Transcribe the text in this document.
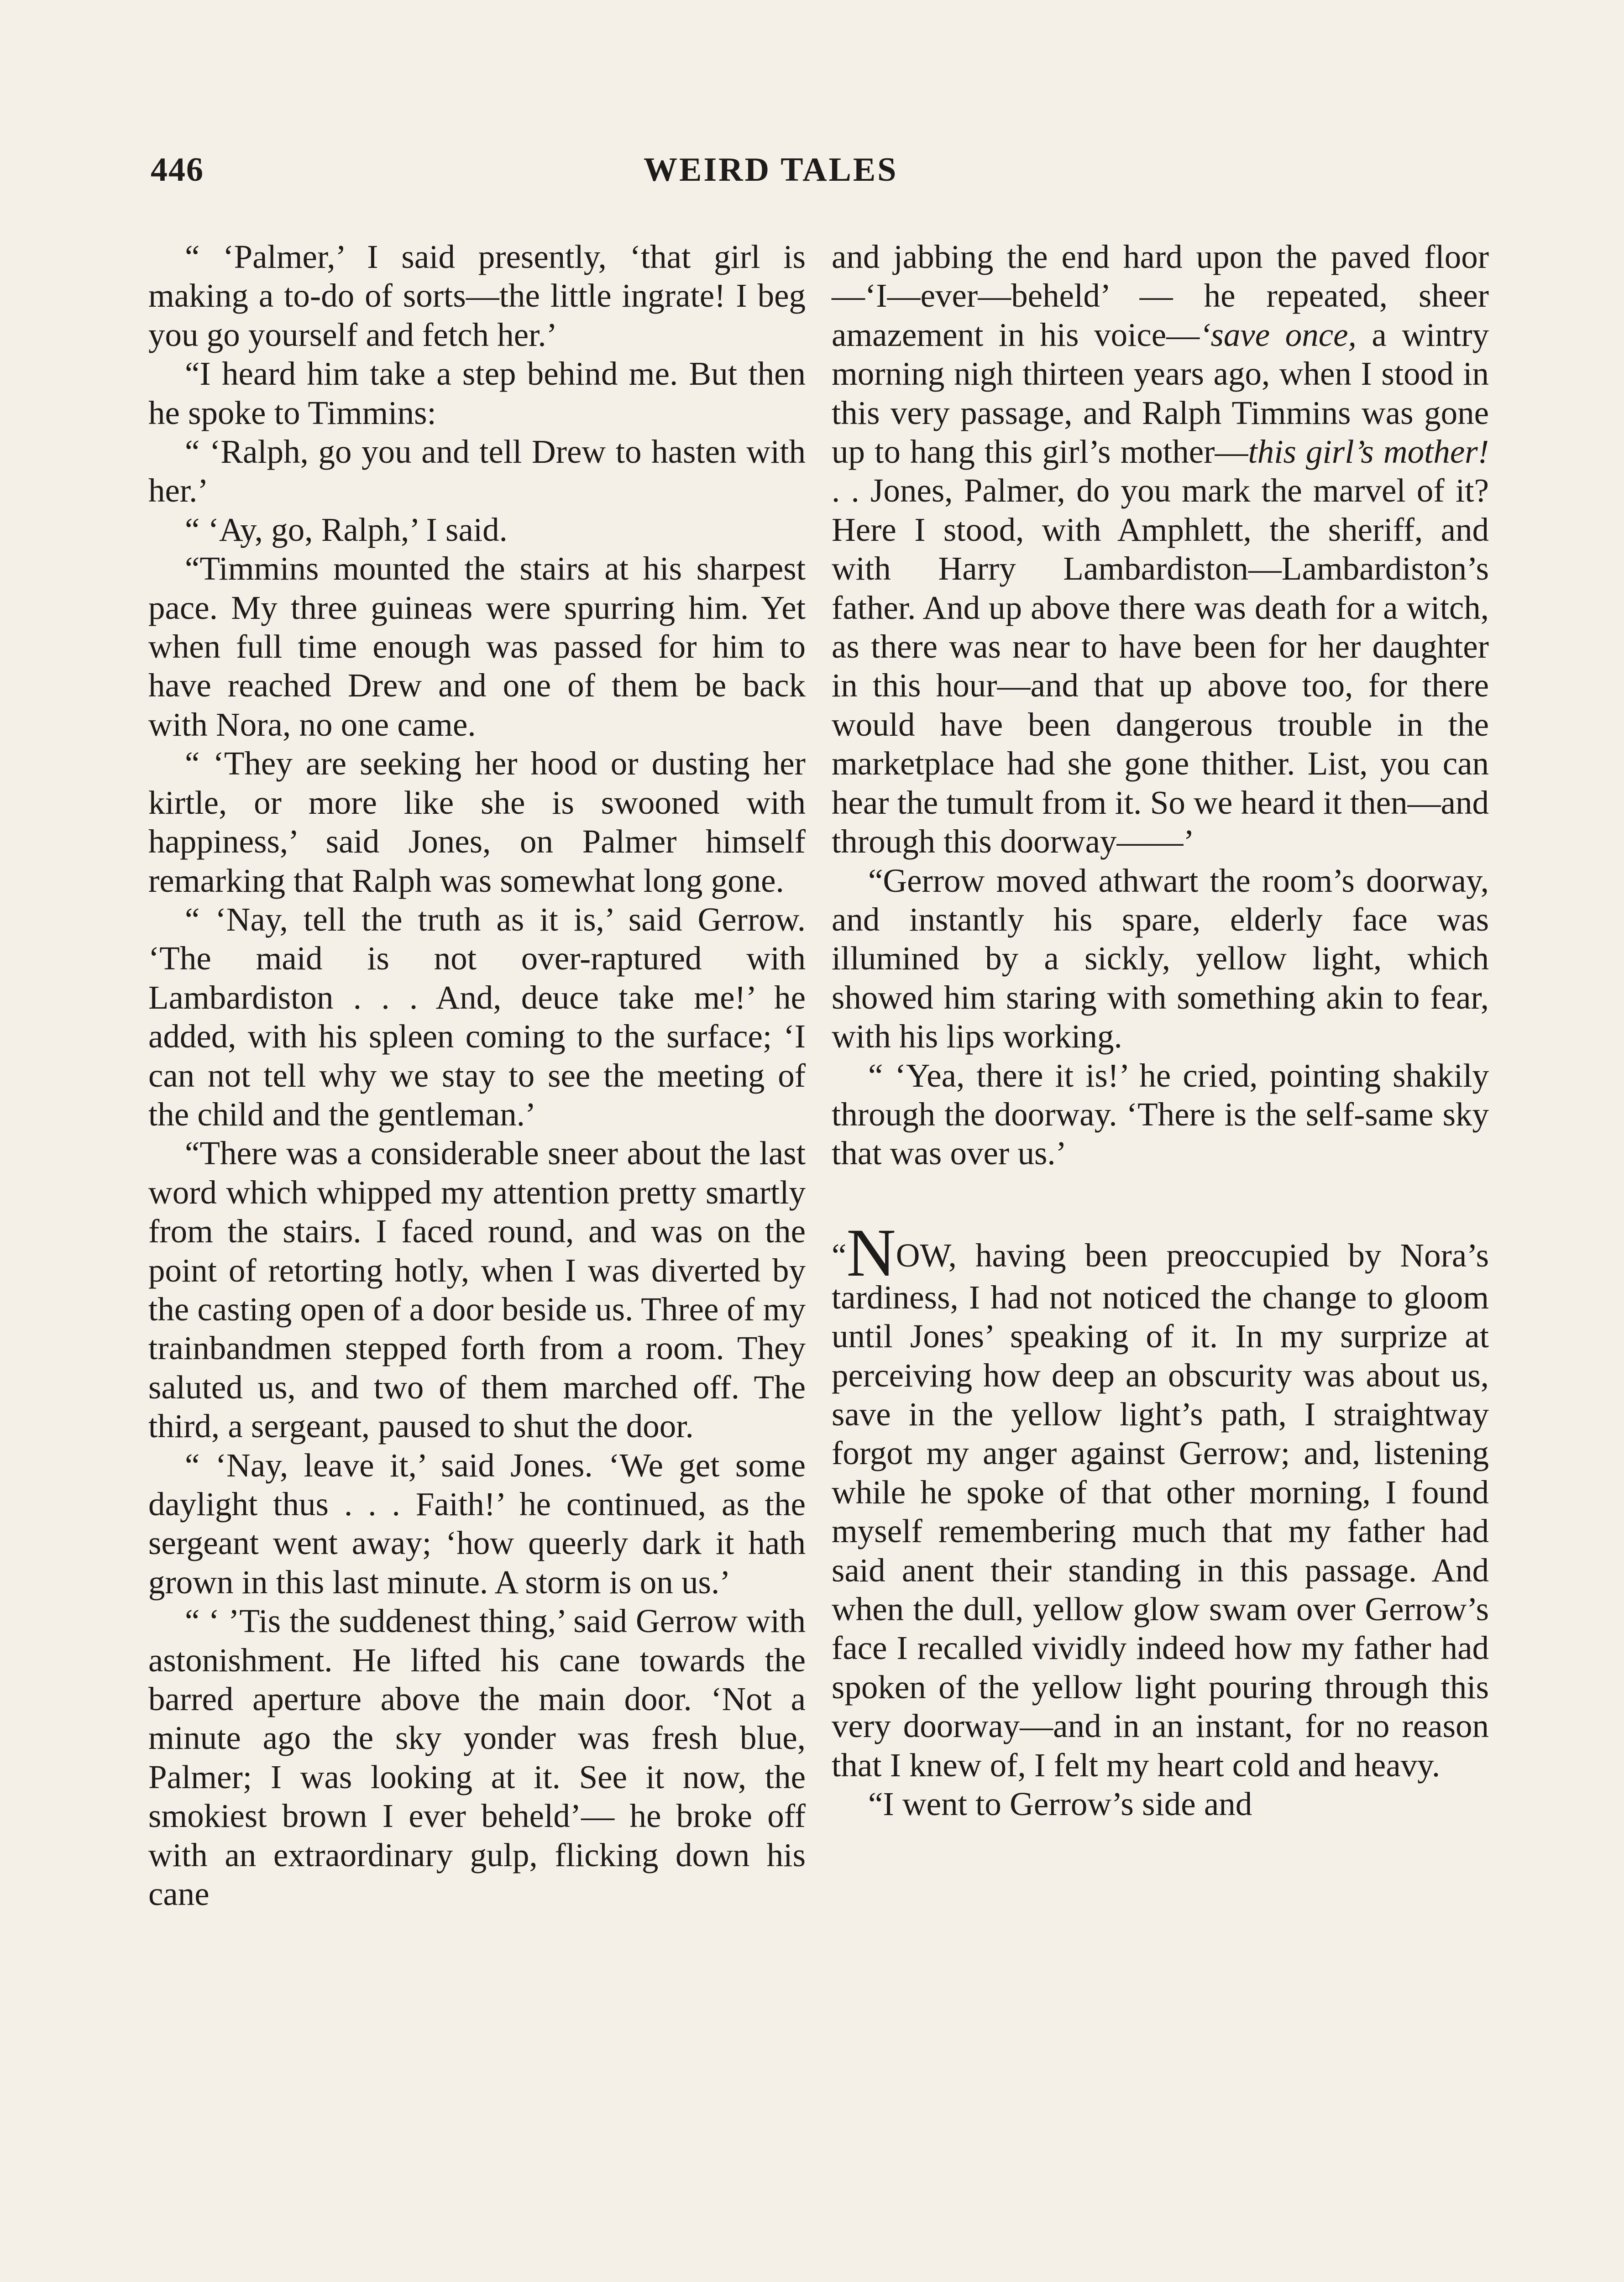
446	WEIRD TALES

“ ‘Palmer,’ I said presently, ‘that girl is making a to-do of sorts—the little ingrate! I beg you go yourself and fetch her.’

“I heard him take a step behind me. But then he spoke to Timmins:

“ ‘Ralph, go you and tell Drew to hasten with her.’

“ ‘Ay, go, Ralph,’ I said.

“Timmins mounted the stairs at his sharpest pace. My three guineas were spurring him. Yet when full time enough was passed for him to have reached Drew and one of them be back with Nora, no one came.

“ ‘They are seeking her hood or dusting her kirtle, or more like she is swooned with happiness,’ said Jones, on Palmer himself remarking that Ralph was somewhat long gone.

“ ‘Nay, tell the truth as it is,’ said Gerrow. ‘The maid is not over-raptured with Lambardiston . . . And, deuce take me!’ he added, with his spleen coming to the surface; ‘I can not tell why we stay to see the meeting of the child and the gentleman.’

“There was a considerable sneer about the last word which whipped my attention pretty smartly from the stairs. I faced round, and was on the point of retorting hotly, when I was diverted by the casting open of a door beside us. Three of my trainbandmen stepped forth from a room. They saluted us, and two of them marched off. The third, a sergeant, paused to shut the door.

“ ‘Nay, leave it,’ said Jones. ‘We get some daylight thus . . . Faith!’ he continued, as the sergeant went away; ‘how queerly dark it hath grown in this last minute. A storm is on us.’

“ ‘ ’Tis the suddenest thing,’ said Gerrow with astonishment. He lifted his cane towards the barred aperture above the main door. ‘Not a minute ago the sky yonder was fresh blue, Palmer; I was looking at it. See it now, the smokiest brown I ever beheld’— he broke off with an extraordinary gulp, flicking down his cane

and jabbing the end hard upon the paved floor—‘I—ever—beheld’ — he repeated, sheer amazement in his voice—‘save once, a wintry morning nigh thirteen years ago, when I stood in this very passage, and Ralph Timmins was gone up to hang this girl’s mother—this girl’s mother! . . Jones, Palmer, do you mark the marvel of it? Here I stood, with Amphlett, the sheriff, and with Harry Lambardiston—Lambardiston’s father. And up above there was death for a witch, as there was near to have been for her daughter in this hour—and that up above too, for there would have been dangerous trouble in the marketplace had she gone thither. List, you can hear the tumult from it. So we heard it then—and through this doorway——’

“Gerrow moved athwart the room’s doorway, and instantly his spare, elderly face was illumined by a sickly, yellow light, which showed him staring with something akin to fear, with his lips working.

“ ‘Yea, there it is!’ he cried, pointing shakily through the doorway. ‘There is the self-same sky that was over us.’

“NOW, having been preoccupied by Nora’s tardiness, I had not noticed the change to gloom until Jones’ speaking of it. In my surprize at perceiving how deep an obscurity was about us, save in the yellow light’s path, I straightway forgot my anger against Gerrow; and, listening while he spoke of that other morning, I found myself remembering much that my father had said anent their standing in this passage. And when the dull, yellow glow swam over Gerrow’s face I recalled vividly indeed how my father had spoken of the yellow light pouring through this very doorway—and in an instant, for no reason that I knew of, I felt my heart cold and heavy.

“I went to Gerrow’s side and
